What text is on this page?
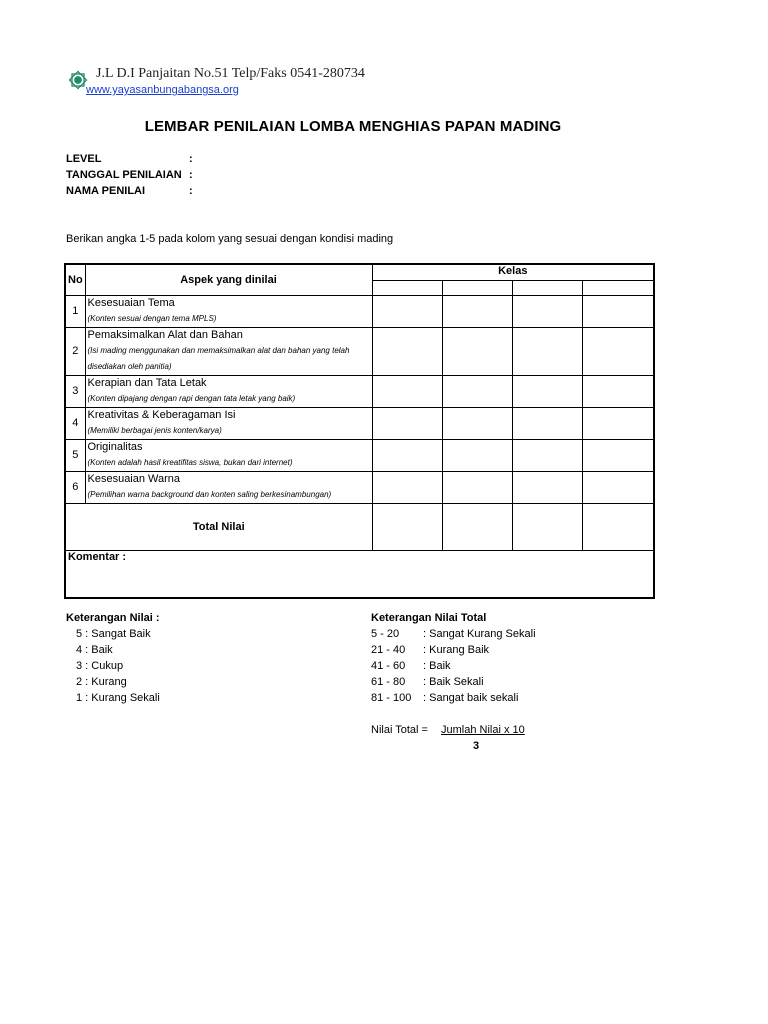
J.L D.I Panjaitan No.51 Telp/Faks 0541-280734
www.yayasanbungabangsa.org
LEMBAR PENILAIAN LOMBA MENGHIAS PAPAN MADING
LEVEL	:
TANGGAL PENILAIAN :
NAMA PENILAI	:
Berikan angka 1-5 pada kolom yang sesuai dengan kondisi mading
No	Aspek yang dinilai	Kelas			

1	Kesesuaian Tema
(Konten sesuai dengan tema MPLS)				

2	Pemaksimalkan Alat dan Bahan
(Isi mading menggunakan dan memaksimalkan alat dan bahan yang telah disediakan oleh panitia)				

3	Kerapian dan Tata Letak
(Konten dipajang dengan rapi dengan tata letak yang baik)				

4	Kreativitas & Keberagaman Isi
(Memiliki berbagai jenis konten/karya)				

5	Originalitas
(Konten adalah hasil kreatifitas siswa, bukan dari internet)				

6	Kesesuaian Warna
(Pemilihan warna background dan konten saling berkesinambungan)				

Total Nilai					
Komentar :					
Keterangan Nilai :
5 : Sangat Baik
4 : Baik
3 : Cukup
2 : Kurang
1 : Kurang Sekali
Keterangan Nilai Total
5 - 20 : Sangat Kurang Sekali
21 - 40 : Kurang Baik
41 - 60 : Baik
61 - 80 : Baik Sekali
81 - 100 : Sangat baik sekali
Nilai Total = Jumlah Nilai x 10
3
